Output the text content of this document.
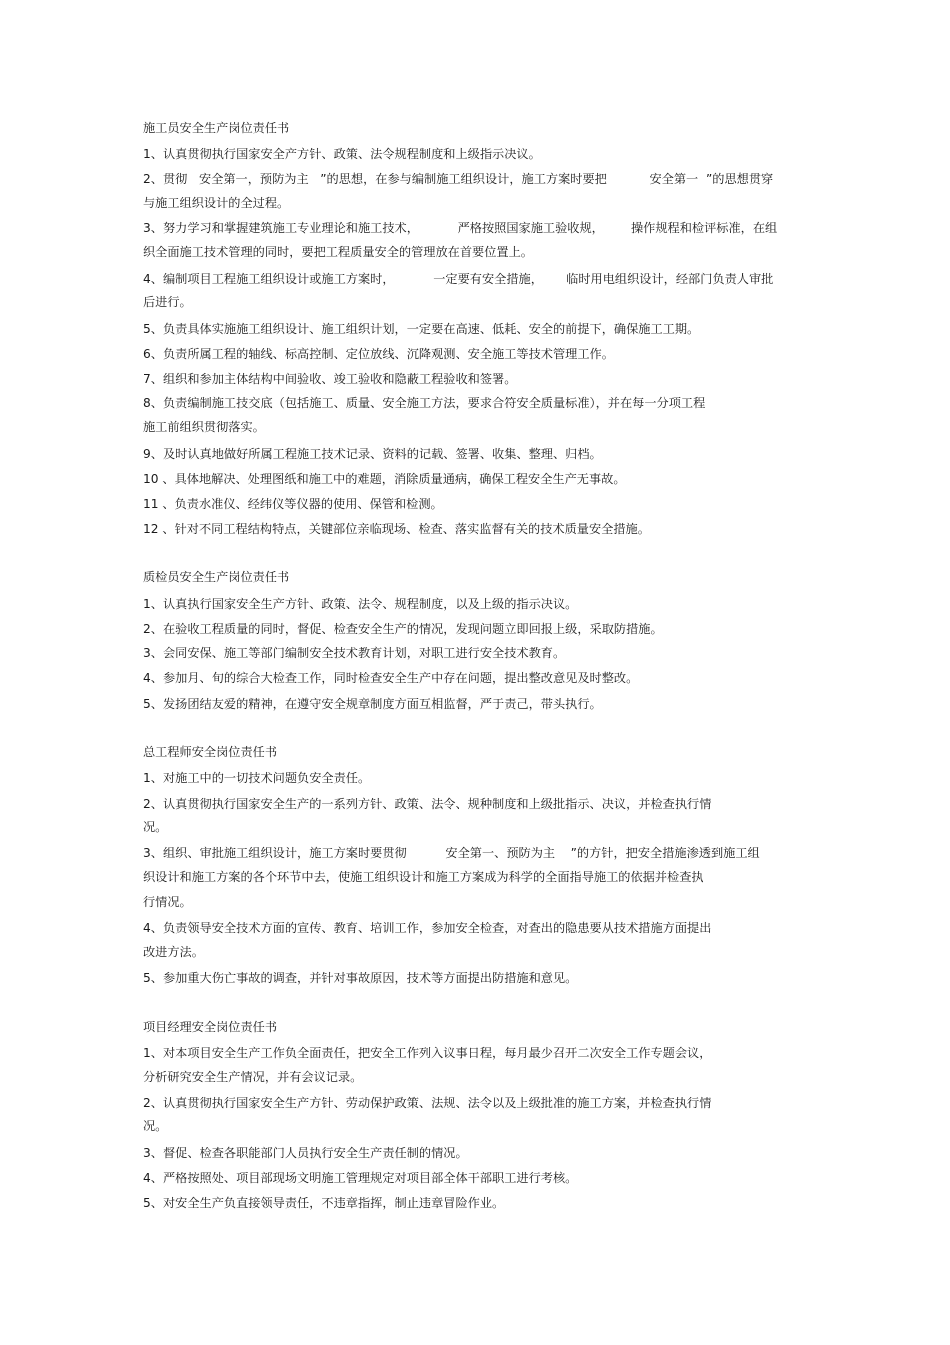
施工员安全生产岗位责任书
1、认真贯彻执行国家安全产方针、政策、法令规程制度和上级指示决议。
2、贯彻   安全第一，预防为主   ”的思想，在参与编制施工组织设计，施工方案时要把           安全第一  ”的思想贯穿
与施工组织设计的全过程。
3、努力学习和掌握建筑施工专业理论和施工技术，          严格按照国家施工验收规，       操作规程和检评标准，在组
织全面施工技术管理的同时，要把工程质量安全的管理放在首要位置上。
4、编制项目工程施工组织设计或施工方案时，          一定要有安全措施，      临时用电组织设计，经部门负责人审批
后进行。
5、负责具体实施施工组织设计、施工组织计划，一定要在高速、低耗、安全的前提下，确保施工工期。
6、负责所属工程的轴线、标高控制、定位放线、沉降观测、安全施工等技术管理工作。
7、组织和参加主体结构中间验收、竣工验收和隐蔽工程验收和签署。
8、负责编制施工技交底（包括施工、质量、安全施工方法，要求合符安全质量标准），并在每一分项工程
施工前组织贯彻落实。
9、及时认真地做好所属工程施工技术记录、资料的记载、签署、收集、整理、归档。
10 、具体地解决、处理图纸和施工中的难题，消除质量通病，确保工程安全生产无事故。
11 、负责水准仪、经纬仪等仪器的使用、保管和检测。
12 、针对不同工程结构特点，关键部位亲临现场、检查、落实监督有关的技术质量安全措施。
质检员安全生产岗位责任书
1、认真执行国家安全生产方针、政策、法令、规程制度，以及上级的指示决议。
2、在验收工程质量的同时，督促、检查安全生产的情况，发现问题立即回报上级，采取防措施。
3、会同安保、施工等部门编制安全技术教育计划，对职工进行安全技术教育。
4、参加月、旬的综合大检查工作，同时检查安全生产中存在问题，提出整改意见及时整改。
5、发扬团结友爱的精神，在遵守安全规章制度方面互相监督，严于责己，带头执行。
总工程师安全岗位责任书
1、对施工中的一切技术问题负安全责任。
2、认真贯彻执行国家安全生产的一系列方针、政策、法令、规种制度和上级批指示、决议，并检查执行情
况。
3、组织、审批施工组织设计，施工方案时要贯彻          安全第一、预防为主    ”的方针，把安全措施渗透到施工组
织设计和施工方案的各个环节中去，使施工组织设计和施工方案成为科学的全面指导施工的依据并检查执
行情况。
4、负责领导安全技术方面的宣传、教育、培训工作，参加安全检查，对查出的隐患要从技术措施方面提出
改进方法。
5、参加重大伤亡事故的调查，并针对事故原因，技术等方面提出防措施和意见。
项目经理安全岗位责任书
1、对本项目安全生产工作负全面责任，把安全工作列入议事日程，每月最少召开二次安全工作专题会议，
分析研究安全生产情况，并有会议记录。
2、认真贯彻执行国家安全生产方针、劳动保护政策、法规、法令以及上级批准的施工方案，并检查执行情
况。
3、督促、检查各职能部门人员执行安全生产责任制的情况。
4、严格按照处、项目部现场文明施工管理规定对项目部全体干部职工进行考核。
5、对安全生产负直接领导责任，不违章指挥，制止违章冒险作业。
